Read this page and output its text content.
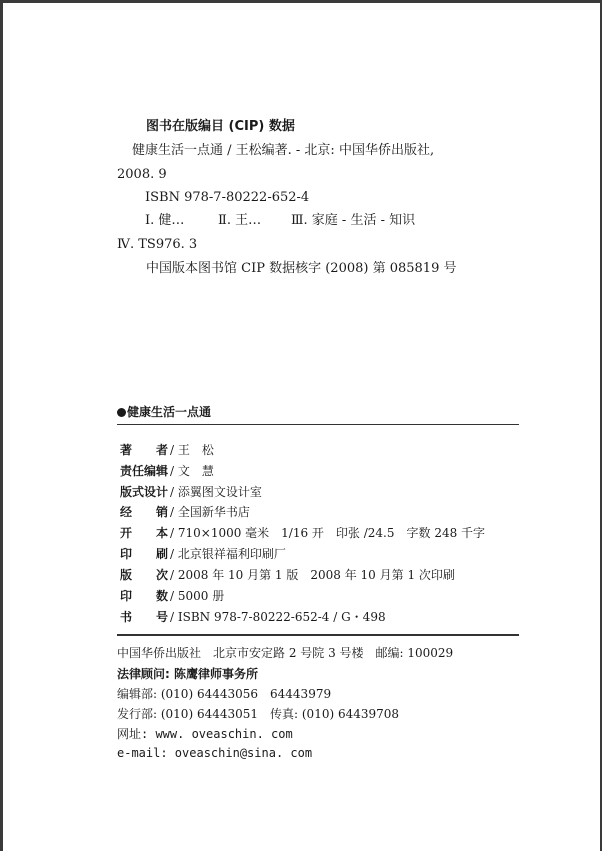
图书在版编目 (CIP) 数据
健康生活一点通 / 王松编著. - 北京: 中国华侨出版社,
2008. 9
ISBN 978-7-80222-652-4
Ⅰ. 健…	Ⅱ. 王… Ⅲ. 家庭 - 生活 - 知识
Ⅳ. TS976. 3
中国版本图书馆 CIP 数据核字 (2008) 第 085819 号
健康生活一点通
著　　者 / 王　松
责任编辑 / 文　慧
版式设计 / 添翼图文设计室
经　　销 / 全国新华书店
开　　本 / 710×1000 毫米　1/16 开　印张 /24.5　字数 248 千字
印　　刷 / 北京银祥福利印刷厂
版　　次 / 2008 年 10 月第 1 版　2008 年 10 月第 1 次印刷
印　　数 / 5000 册
书　　号 / ISBN 978-7-80222-652-4 / G・498
中国华侨出版社　北京市安定路 2 号院 3 号楼　邮编: 100029
法律顾问: 陈鹰律师事务所
编辑部: (010) 64443056　64443979
发行部: (010) 64443051　传真: (010) 64439708
网址: www. oveaschin. com
e-mail: oveaschin@sina. com
